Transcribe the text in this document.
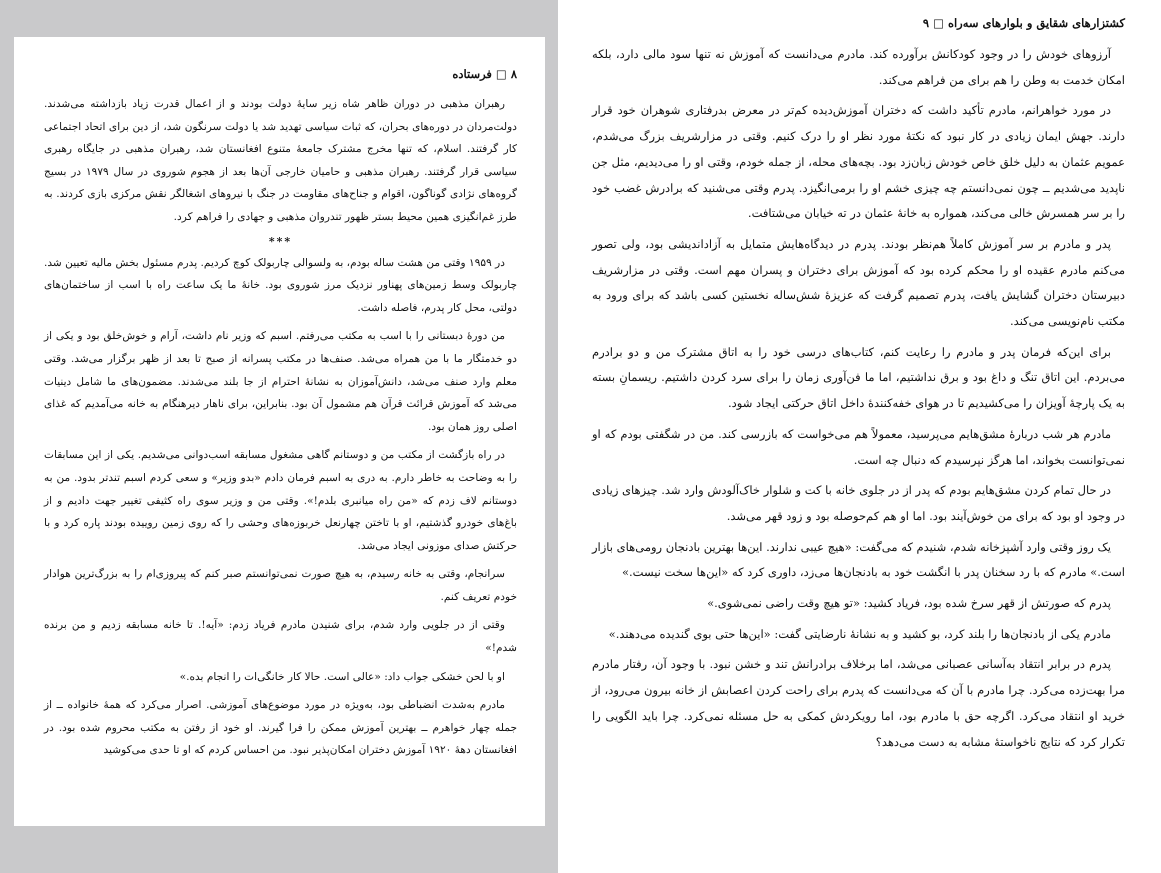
۸ □ فرستاده

رهبران مذهبی در دوران ظاهر شاه زیر سایهٔ دولت بودند و از اعمال قدرت زیاد بازداشته می‌شدند. دولت‌مردان در دوره‌های بحران، که ثبات سیاسی تهدید شد یا دولت سرنگون شد، از دین برای اتحاد اجتماعی کار گرفتند. اسلام، که تنها مخرج مشترک جامعهٔ متنوع افغانستان شد، رهبران مذهبی در جایگاه رهبری سیاسی قرار گرفتند. رهبران مذهبی و حامیان خارجی آن‌ها بعد از هجوم شوروی در سال ۱۹۷۹ در بسیج گروه‌های نژادی گوناگون، اقوام و جناح‌های مقاومت در جنگ با نیروهای اشغالگر نقش مرکزی بازی کردند. به طرز غم‌انگیزی همین محیط بستر ظهور تندروان مذهبی و جهادی را فراهم کرد.

***

در ۱۹۵۹ وقتی من هشت ساله بودم، به ولسوالی چاربولک کوچ کردیم. پدرم مسئول بخش مالیه تعیین شد. چاربولک وسط زمین‌های پهناور نزدیک مرز شوروی بود. خانهٔ ما یک ساعت راه با اسب از ساختمان‌های دولتی، محل کار پدرم، فاصله داشت.

من دورهٔ دبستانی را با اسب به مکتب می‌رفتم. اسبم که وزیر نام داشت، آرام و خوش‌خلق بود و یکی از دو خدمتگار ما با من همراه می‌شد. صنف‌ها در مکتب پسرانه از صبح تا بعد از ظهر برگزار می‌شد. وقتی معلم وارد صنف می‌شد، دانش‌آموزان به نشانهٔ احترام از جا بلند می‌شدند. مضمون‌های ما شامل دینیات می‌شد که آموزش قرائت قرآن هم مشمول آن بود. بنابراین، برای ناهار دیرهنگام به خانه می‌آمدیم که غذای اصلی روز همان بود.

در راه بازگشت از مکتب من و دوستانم گاهی مشغول مسابقه اسب‌دوانی می‌شدیم. یکی از این مسابقات را به وضاحت به خاطر دارم. به دری به اسبم فرمان دادم «بدو وزیر» و سعی کردم اسبم تندتر بدود. من به دوستانم لاف زدم که «من راه میانبری بلدم!». وقتی من و وزیر سوی راه کثیفی تغییر جهت دادیم و از باغ‌های خودرو گذشتیم، او با تاختن چهارنعل خربوزه‌های وحشی را که روی زمین روییده بودند پاره کرد و با حرکتش صدای موزونی ایجاد می‌شد.

سرانجام، وقتی به خانه رسیدم، به هیچ صورت نمی‌توانستم صبر کنم که پیروزی‌ام را به بزرگ‌ترین هوادار خودم تعریف کنم.

وقتی از در جلویی وارد شدم، برای شنیدن مادرم فریاد زدم: «آیه!. تا خانه مسابقه زدیم و من برنده شدم!»

او با لحن خشکی جواب داد: «عالی است. حالا کار خانگی‌ات را انجام بده.»

مادرم به‌شدت انضباطی بود، به‌ویژه در مورد موضوع‌های آموزشی. اصرار می‌کرد که همهٔ خانواده ــ از جمله چهار خواهرم ــ بهترین آموزش ممکن را فرا گیرند. او خود از رفتن به مکتب محروم شده بود. در افغانستان دههٔ ۱۹۲۰ آموزش دختران امکان‌پذیر نبود. من احساس کردم که او تا حدی می‌کوشید

کشتزارهای شقایق و بلوارهای سه‌راه □ ۹

آرزوهای خودش را در وجود کودکانش برآورده کند. مادرم می‌دانست که آموزش نه تنها سود مالی دارد، بلکه امکان خدمت به وطن را هم برای من فراهم می‌کند.

در مورد خواهرانم، مادرم تأکید داشت که دختران آموزش‌دیده کم‌تر در معرض بدرفتاری شوهران خود قرار دارند. جهش ایمان زیادی در کار نبود که نکتهٔ مورد نظر او را درک کنیم. وقتی در مزارشریف بزرگ می‌شدم، عمویم عثمان به دلیل خلق خاص خودش زبان‌زد بود. بچه‌های محله، از جمله خودم، وقتی او را می‌دیدیم، مثل جن ناپدید می‌شدیم ــ چون نمی‌دانستم چه چیزی خشم او را برمی‌انگیزد. پدرم وقتی می‌شنید که برادرش غضب خود را بر سر همسرش خالی می‌کند، همواره به خانهٔ عثمان در ته خیابان می‌شتافت.

پدر و مادرم بر سر آموزش کاملاً هم‌نظر بودند. پدرم در دیدگاه‌هایش متمایل به آزاداندیشی بود، ولی تصور می‌کنم مادرم عقیده او را محکم کرده بود که آموزش برای دختران و پسران مهم است. وقتی در مزارشریف دبیرستان دختران گشایش یافت، پدرم تصمیم گرفت که عزیزهٔ شش‌ساله نخستین کسی باشد که برای ورود به مکتب نام‌نویسی می‌کند.

برای این‌که فرمان پدر و مادرم را رعایت کنم، کتاب‌های درسی خود را به اتاق مشترک من و دو برادرم می‌بردم. این اتاق تنگ و داغ بود و برق نداشتیم، اما ما فن‌آوری زمان را برای سرد کردن داشتیم. ریسمانِ بسته به یک پارچهٔ آویزان را می‌کشیدیم تا در هوای خفه‌کنندهٔ داخل اتاق حرکتی ایجاد شود.

مادرم هر شب دربارهٔ مشق‌هایم می‌پرسید، معمولاً هم می‌خواست که بازرسی کند. من در شگفتی بودم که او نمی‌توانست بخواند، اما هرگز نپرسیدم که دنبال چه است.

در حال تمام کردن مشق‌هایم بودم که پدر از در جلوی خانه با کت و شلوار خاک‌آلودش وارد شد. چیزهای زیادی در وجود او بود که برای من خوش‌آیند بود. اما او هم کم‌حوصله بود و زود قهر می‌شد.

یک روز وقتی وارد آشپزخانه شدم، شنیدم که می‌گفت: «هیچ عیبی ندارند. این‌ها بهترین بادنجان رومی‌های بازار است.» مادرم که با رد سخنان پدر با انگشت خود به بادنجان‌ها می‌زد، داوری کرد که «این‌ها سخت نیست.»

پدرم که صورتش از قهر سرخ شده بود، فریاد کشید: «تو هیچ وقت راضی نمی‌شوی.»

مادرم یکی از بادنجان‌ها را بلند کرد، بو کشید و به نشانهٔ نارضایتی گفت: «این‌ها حتی بوی گندیده می‌دهند.»

پدرم در برابر انتقاد به‌آسانی عصبانی می‌شد، اما برخلاف برادرانش تند و خشن نبود. با وجود آن، رفتار مادرم مرا بهت‌زده می‌کرد. چرا مادرم با آن که می‌دانست که پدرم برای راحت کردن اعصابش از خانه بیرون می‌رود، از خرید او انتقاد می‌کرد. اگرچه حق با مادرم بود، اما رویکردش کمکی به حل مسئله نمی‌کرد. چرا باید الگویی را تکرار کرد که نتایج ناخواستهٔ مشابه به دست می‌دهد؟
